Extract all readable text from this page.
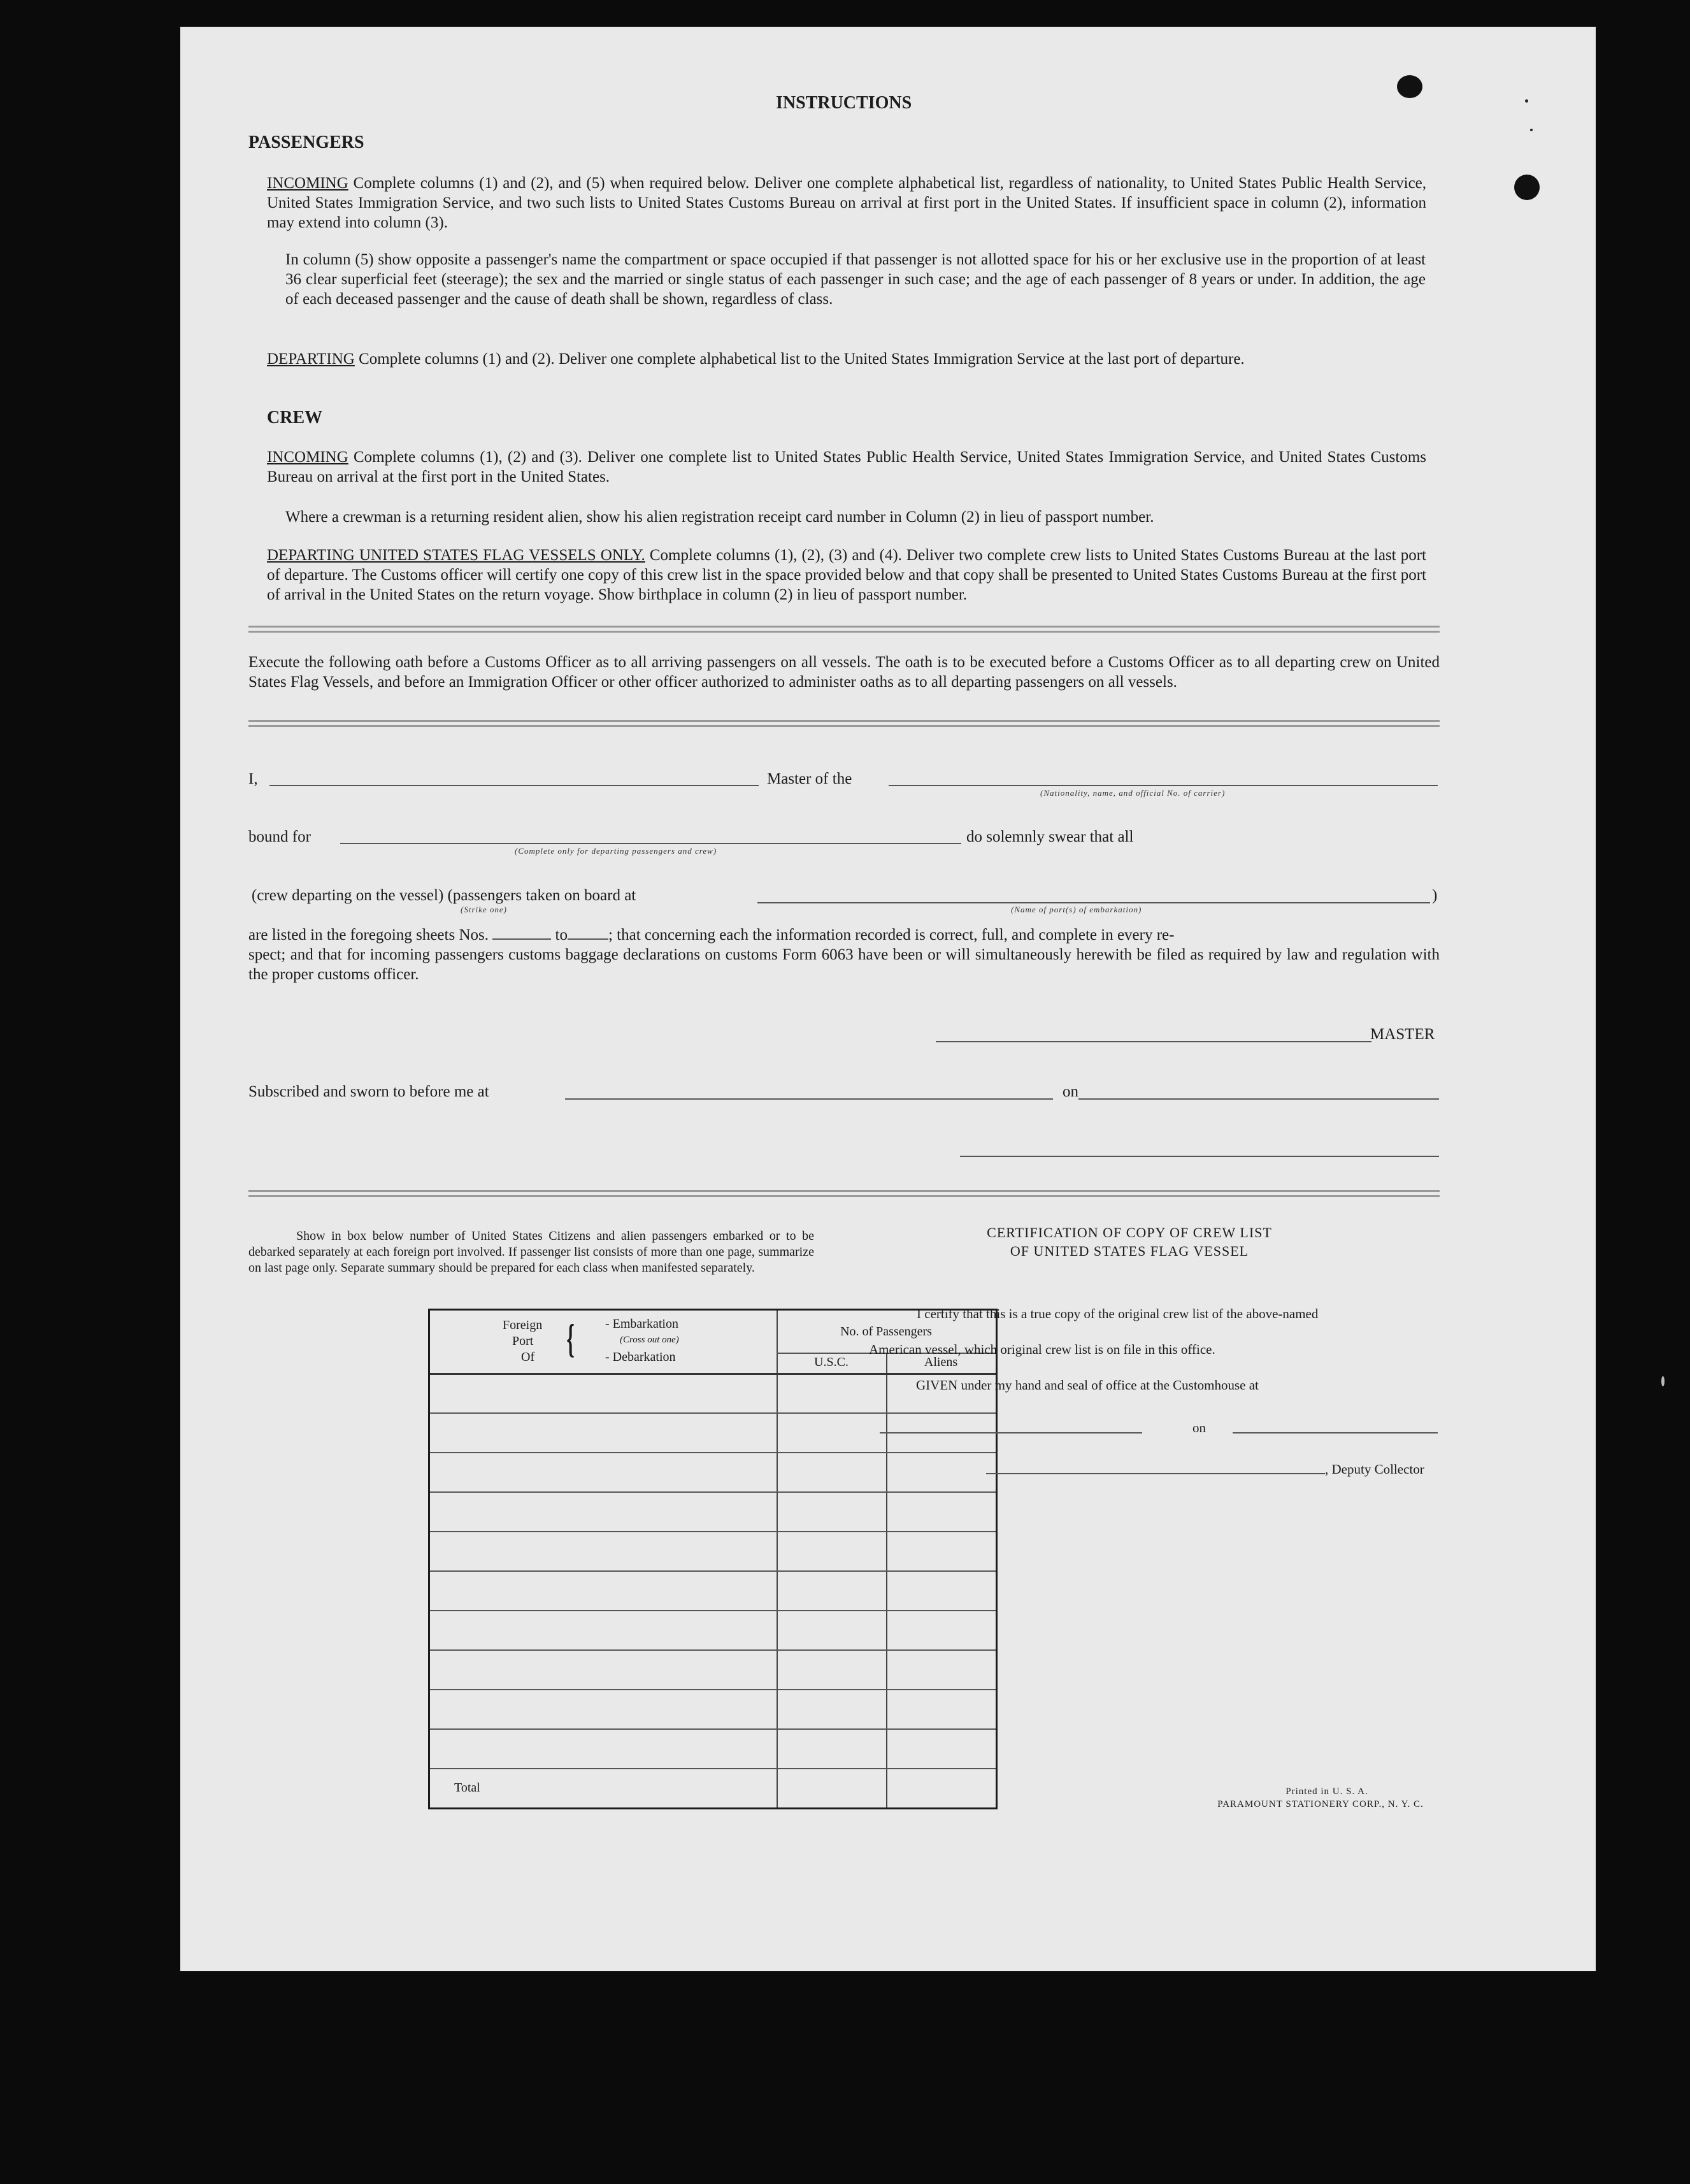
INSTRUCTIONS
PASSENGERS
INCOMING Complete columns (1) and (2), and (5) when required below. Deliver one complete alphabetical list, regardless of nationality, to United States Public Health Service, United States Immigration Service, and two such lists to United States Customs Bureau on arrival at first port in the United States. If insufficient space in column (2), information may extend into column (3).
In column (5) show opposite a passenger's name the compartment or space occupied if that passenger is not allotted space for his or her exclusive use in the proportion of at least 36 clear superficial feet (steerage); the sex and the married or single status of each passenger in such case; and the age of each passenger of 8 years or under. In addition, the age of each deceased passenger and the cause of death shall be shown, regardless of class.
DEPARTING Complete columns (1) and (2). Deliver one complete alphabetical list to the United States Immigration Service at the last port of departure.
CREW
INCOMING Complete columns (1), (2) and (3). Deliver one complete list to United States Public Health Service, United States Immigration Service, and United States Customs Bureau on arrival at the first port in the United States.
Where a crewman is a returning resident alien, show his alien registration receipt card number in Column (2) in lieu of passport number.
DEPARTING UNITED STATES FLAG VESSELS ONLY. Complete columns (1), (2), (3) and (4). Deliver two complete crew lists to United States Customs Bureau at the last port of departure. The Customs officer will certify one copy of this crew list in the space provided below and that copy shall be presented to United States Customs Bureau at the first port of arrival in the United States on the return voyage. Show birthplace in column (2) in lieu of passport number.
Execute the following oath before a Customs Officer as to all arriving passengers on all vessels. The oath is to be executed before a Customs Officer as to all departing crew on United States Flag Vessels, and before an Immigration Officer or other officer authorized to administer oaths as to all departing passengers on all vessels.
I,	Master of the
(Nationality, name, and official No. of carrier)
bound for
(Complete only for departing passengers and crew)
do solemnly swear that all
(crew departing on the vessel) (passengers taken on board at
(Strike one)
)
(Name of port(s) of embarkation)
are listed in the foregoing sheets Nos.	to	; that concerning each the information recorded is correct, full, and complete in every re-
spect; and that for incoming passengers customs baggage declarations on customs Form 6063 have been or will simultaneously herewith be filed as required by law and regulation with the proper customs officer.
MASTER
Subscribed and sworn to before me at	on
Show in box below number of United States Citizens and alien passengers embarked or to be debarked separately at each foreign port involved. If passenger list consists of more than one page, summarize on last page only. Separate summary should be prepared for each class when manifested separately.
Foreign
Port
Of { - Embarkation
(Cross out one)
- Debarkation
No. of Passengers
U.S.C.	Aliens
Total
CERTIFICATION OF COPY OF CREW LIST
OF UNITED STATES FLAG VESSEL
I certify that this is a true copy of the original crew list of the above-named
American vessel, which original crew list is on file in this office.
GIVEN under my hand and seal of office at the Customhouse at
on
, Deputy Collector
Printed in U. S. A.
PARAMOUNT STATIONERY CORP., N. Y. C.
